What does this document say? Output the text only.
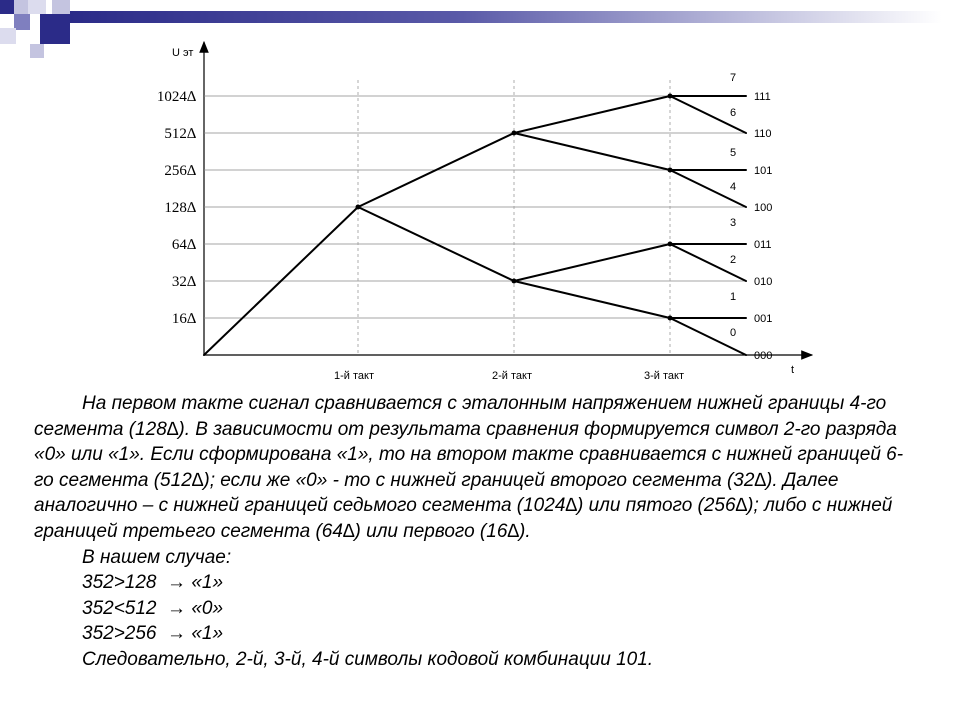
U эт
t
1024∆
512∆
256∆
128∆
64∆
32∆
16∆
111
110
101
100
011
010
001
000
7
6
5
4
3
2
1
0
1-й такт	2-й такт	3-й такт

На первом такте сигнал сравнивается с эталонным напряжением нижней границы 4-го сегмента (128∆). В зависимости от результата сравнения формируется символ 2-го разряда «0» или «1». Если сформирована «1», то на втором такте сравнивается с нижней границей 6-го сегмента (512∆); если же «0» - то с нижней границей второго сегмента (32∆). Далее аналогично – с нижней границей седьмого сегмента (1024∆) или пятого (256∆); либо с нижней границей третьего сегмента (64∆) или первого (16∆).

В нашем случае:

352>128  → «1»

352<512  → «0»

352>256  → «1»

Следовательно, 2-й, 3-й, 4-й символы кодовой комбинации 101.
